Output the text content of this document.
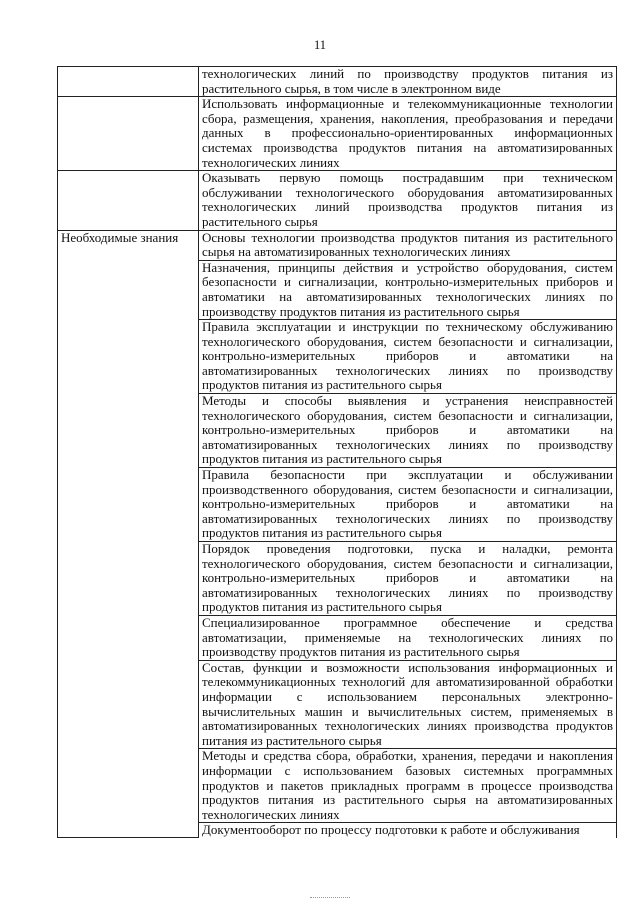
11
	технологических линий по производству продуктов питания из растительного сырья, в том числе в электронном виде
	Использовать информационные и телекоммуникационные технологии сбора, размещения, хранения, накопления, преобразования и передачи данных в профессионально-ориентированных информационных системах производства продуктов питания на автоматизированных технологических линиях
	Оказывать первую помощь пострадавшим при техническом обслуживании технологического оборудования автоматизированных технологических линий производства продуктов питания из растительного сырья
Необходимые знания	Основы технологии производства продуктов питания из растительного сырья на автоматизированных технологических линиях
	Назначения, принципы действия и устройство оборудования, систем безопасности и сигнализации, контрольно-измерительных приборов и автоматики на автоматизированных технологических линиях по производству продуктов питания из растительного сырья
	Правила эксплуатации и инструкции по техническому обслуживанию технологического оборудования, систем безопасности и сигнализации, контрольно-измерительных приборов и автоматики на автоматизированных технологических линиях по производству продуктов питания из растительного сырья
	Методы и способы выявления и устранения неисправностей технологического оборудования, систем безопасности и сигнализации, контрольно-измерительных приборов и автоматики на автоматизированных технологических линиях по производству продуктов питания из растительного сырья
	Правила безопасности при эксплуатации и обслуживании производственного оборудования, систем безопасности и сигнализации, контрольно-измерительных приборов и автоматики на автоматизированных технологических линиях по производству продуктов питания из растительного сырья
	Порядок проведения подготовки, пуска и наладки, ремонта технологического оборудования, систем безопасности и сигнализации, контрольно-измерительных приборов и автоматики на автоматизированных технологических линиях по производству продуктов питания из растительного сырья
	Специализированное программное обеспечение и средства автоматизации, применяемые на технологических линиях по производству продуктов питания из растительного сырья
	Состав, функции и возможности использования информационных и телекоммуникационных технологий для автоматизированной обработки информации с использованием персональных электронно-вычислительных машин и вычислительных систем, применяемых в автоматизированных технологических линиях производства продуктов питания из растительного сырья
	Методы и средства сбора, обработки, хранения, передачи и накопления информации с использованием базовых системных программных продуктов и пакетов прикладных программ в процессе производства продуктов питания из растительного сырья на автоматизированных технологических линиях
	Документооборот по процессу подготовки к работе и обслуживания
